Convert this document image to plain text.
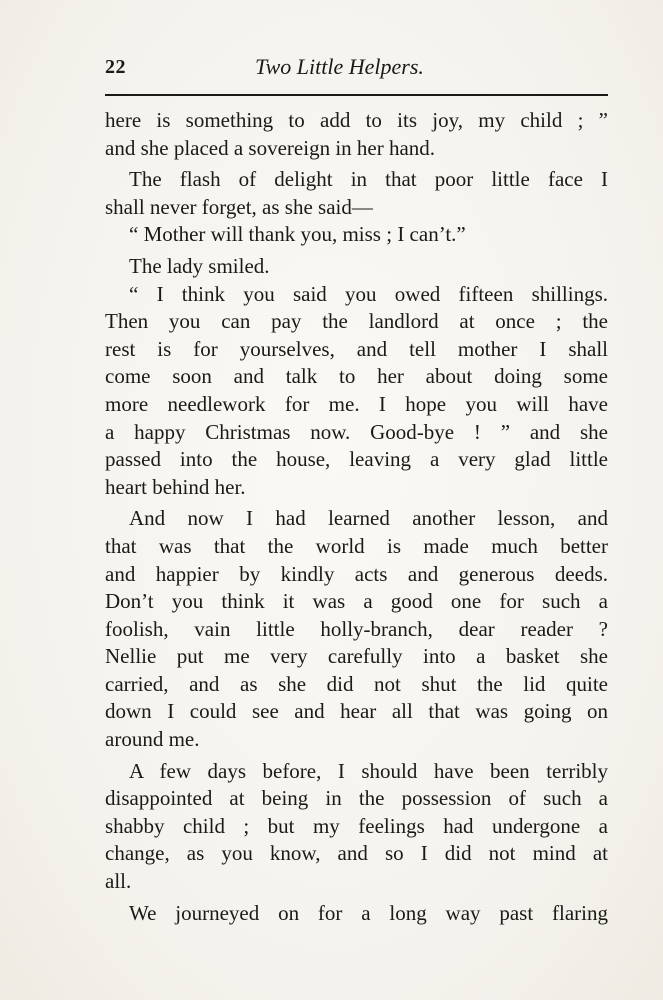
22	Two Little Helpers.
here is something to add to its joy, my child ; ”
and she placed a sovereign in her hand.
The flash of delight in that poor little face I
shall never forget, as she said—
“ Mother will thank you, miss ; I can’t.”
The lady smiled.
“ I think you said you owed fifteen shillings.
Then you can pay the landlord at once ; the
rest is for yourselves, and tell mother I shall
come soon and talk to her about doing some
more needlework for me. I hope you will have
a happy Christmas now. Good-bye ! ” and she
passed into the house, leaving a very glad little
heart behind her.
And now I had learned another lesson, and
that was that the world is made much better
and happier by kindly acts and generous deeds.
Don’t you think it was a good one for such a
foolish, vain little holly-branch, dear reader ?
Nellie put me very carefully into a basket she
carried, and as she did not shut the lid quite
down I could see and hear all that was going on
around me.
A few days before, I should have been terribly
disappointed at being in the possession of such a
shabby child ; but my feelings had undergone a
change, as you know, and so I did not mind at
all.
We journeyed on for a long way past flaring
